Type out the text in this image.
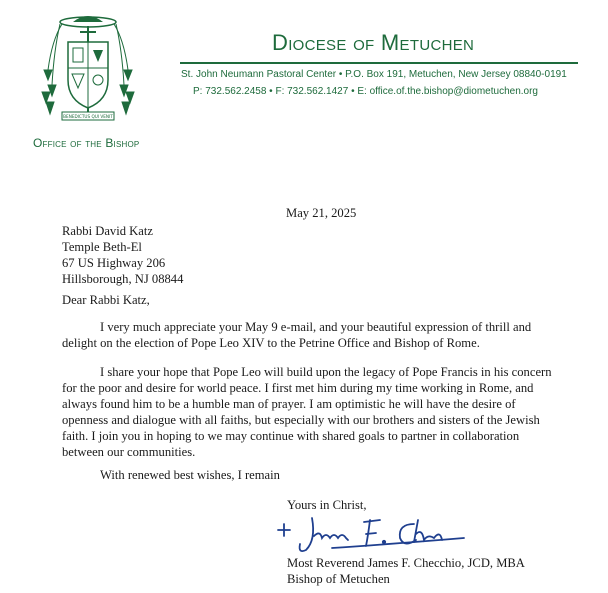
BENEDICTUS QUI VENIT
Office of the Bishop
Diocese of Metuchen
St. John Neumann Pastoral Center • P.O. Box 191, Metuchen, New Jersey 08840-0191
P: 732.562.2458 • F: 732.562.1427 • E: office.of.the.bishop@diometuchen.org
May 21, 2025
Rabbi David Katz
Temple Beth-El
67 US Highway 206
Hillsborough, NJ 08844
Dear Rabbi Katz,
I very much appreciate your May 9 e-mail, and your beautiful expression of thrill and
delight on the election of Pope Leo XIV to the Petrine Office and Bishop of Rome.
I share your hope that Pope Leo will build upon the legacy of Pope Francis in his concern
for the poor and desire for world peace. I first met him during my time working in Rome, and
always found him to be a humble man of prayer. I am optimistic he will have the desire of
openness and dialogue with all faiths, but especially with our brothers and sisters of the Jewish
faith. I join you in hoping to we may continue with shared goals to partner in collaboration
between our communities.
With renewed best wishes, I remain
Yours in Christ,
Most Reverend James F. Checchio, JCD, MBA
Bishop of Metuchen
